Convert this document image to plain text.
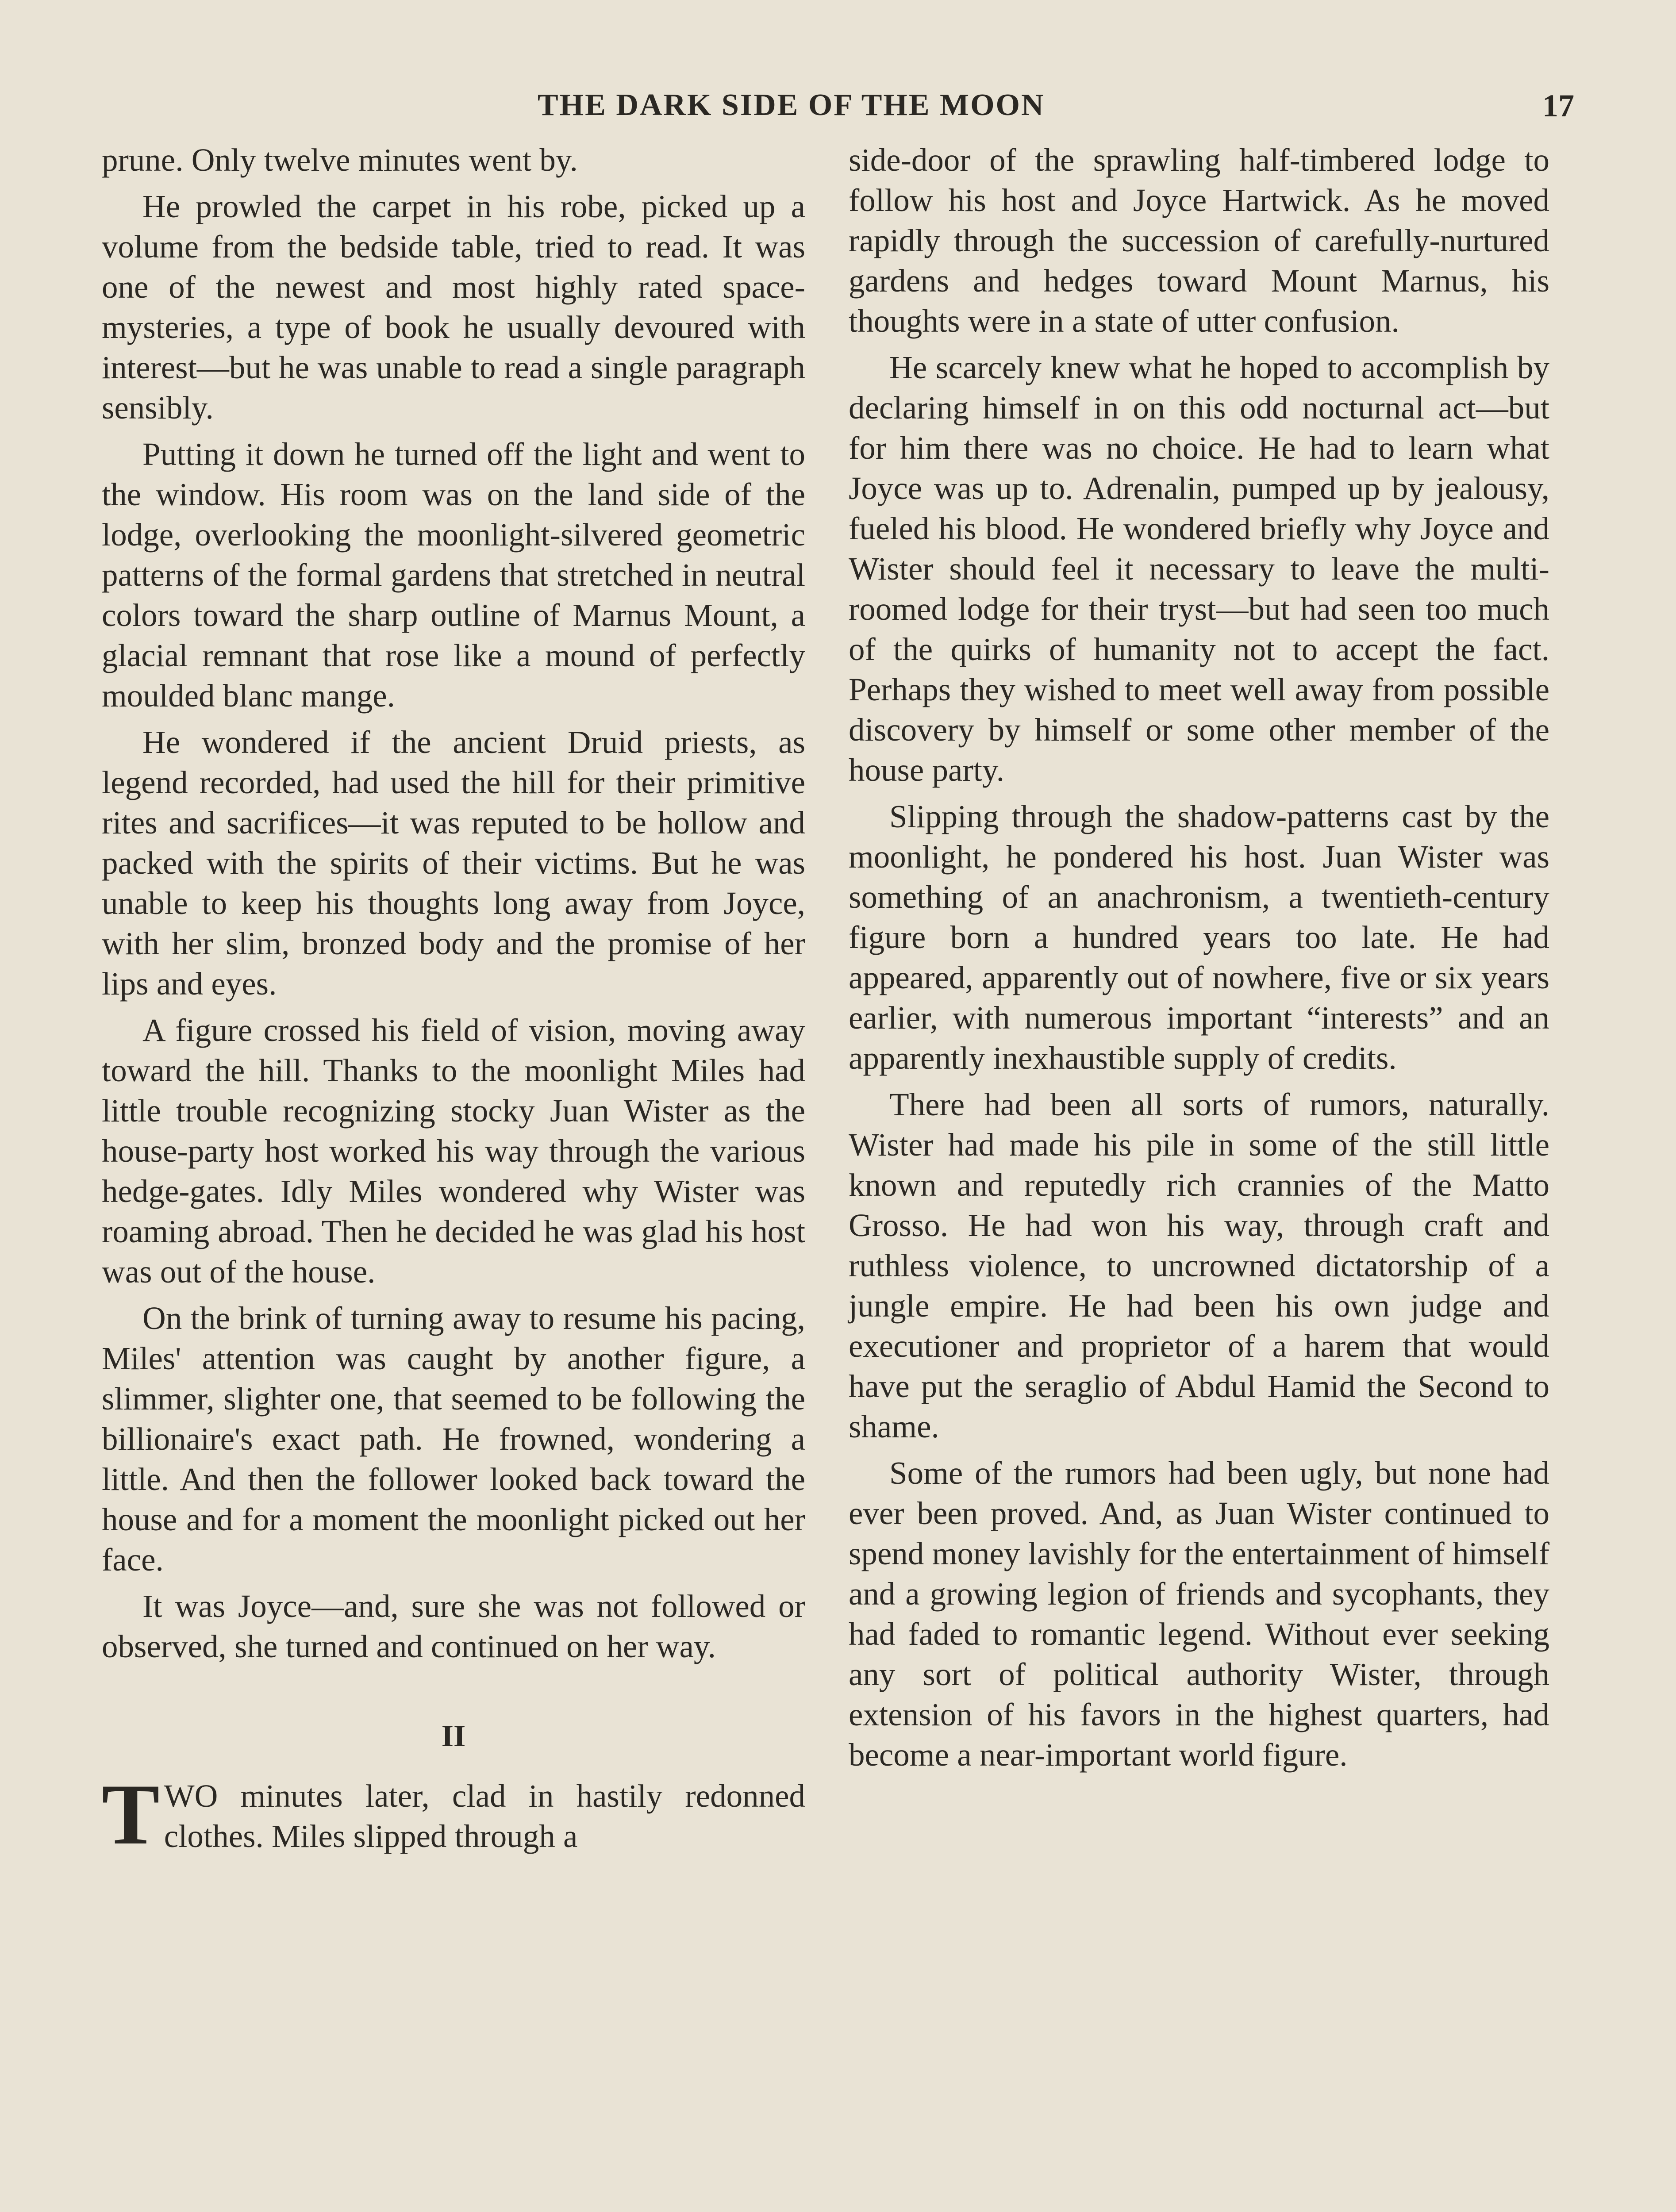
THE DARK SIDE OF THE MOON	17

prune. Only twelve minutes went by.

He prowled the carpet in his robe, picked up a volume from the bedside table, tried to read. It was one of the newest and most highly rated space-mysteries, a type of book he usually devoured with interest—but he was unable to read a single paragraph sensibly.

Putting it down he turned off the light and went to the window. His room was on the land side of the lodge, overlooking the moonlight-silvered geometric patterns of the formal gardens that stretched in neutral colors toward the sharp outline of Marnus Mount, a glacial remnant that rose like a mound of perfectly moulded blanc mange.

He wondered if the ancient Druid priests, as legend recorded, had used the hill for their primitive rites and sacrifices—it was reputed to be hollow and packed with the spirits of their victims. But he was unable to keep his thoughts long away from Joyce, with her slim, bronzed body and the promise of her lips and eyes.

A figure crossed his field of vision, moving away toward the hill. Thanks to the moonlight Miles had little trouble recognizing stocky Juan Wister as the house-party host worked his way through the various hedge-gates. Idly Miles wondered why Wister was roaming abroad. Then he decided he was glad his host was out of the house.

On the brink of turning away to resume his pacing, Miles' attention was caught by another figure, a slimmer, slighter one, that seemed to be following the billionaire's exact path. He frowned, wondering a little. And then the follower looked back toward the house and for a moment the moonlight picked out her face.

It was Joyce—and, sure she was not followed or observed, she turned and continued on her way.

II

TWO minutes later, clad in hastily redonned clothes. Miles slipped through a

side-door of the sprawling half-timbered lodge to follow his host and Joyce Hartwick. As he moved rapidly through the succession of carefully-nurtured gardens and hedges toward Mount Marnus, his thoughts were in a state of utter confusion.

He scarcely knew what he hoped to accomplish by declaring himself in on this odd nocturnal act—but for him there was no choice. He had to learn what Joyce was up to. Adrenalin, pumped up by jealousy, fueled his blood. He wondered briefly why Joyce and Wister should feel it necessary to leave the multi-roomed lodge for their tryst—but had seen too much of the quirks of humanity not to accept the fact. Perhaps they wished to meet well away from possible discovery by himself or some other member of the house party.

Slipping through the shadow-patterns cast by the moonlight, he pondered his host. Juan Wister was something of an anachronism, a twentieth-century figure born a hundred years too late. He had appeared, apparently out of nowhere, five or six years earlier, with numerous important “interests” and an apparently inexhaustible supply of credits.

There had been all sorts of rumors, naturally. Wister had made his pile in some of the still little known and reputedly rich crannies of the Matto Grosso. He had won his way, through craft and ruthless violence, to uncrowned dictatorship of a jungle empire. He had been his own judge and executioner and proprietor of a harem that would have put the seraglio of Abdul Hamid the Second to shame.

Some of the rumors had been ugly, but none had ever been proved. And, as Juan Wister continued to spend money lavishly for the entertainment of himself and a growing legion of friends and sycophants, they had faded to romantic legend. Without ever seeking any sort of political authority Wister, through extension of his favors in the highest quarters, had become a near-important world figure.
